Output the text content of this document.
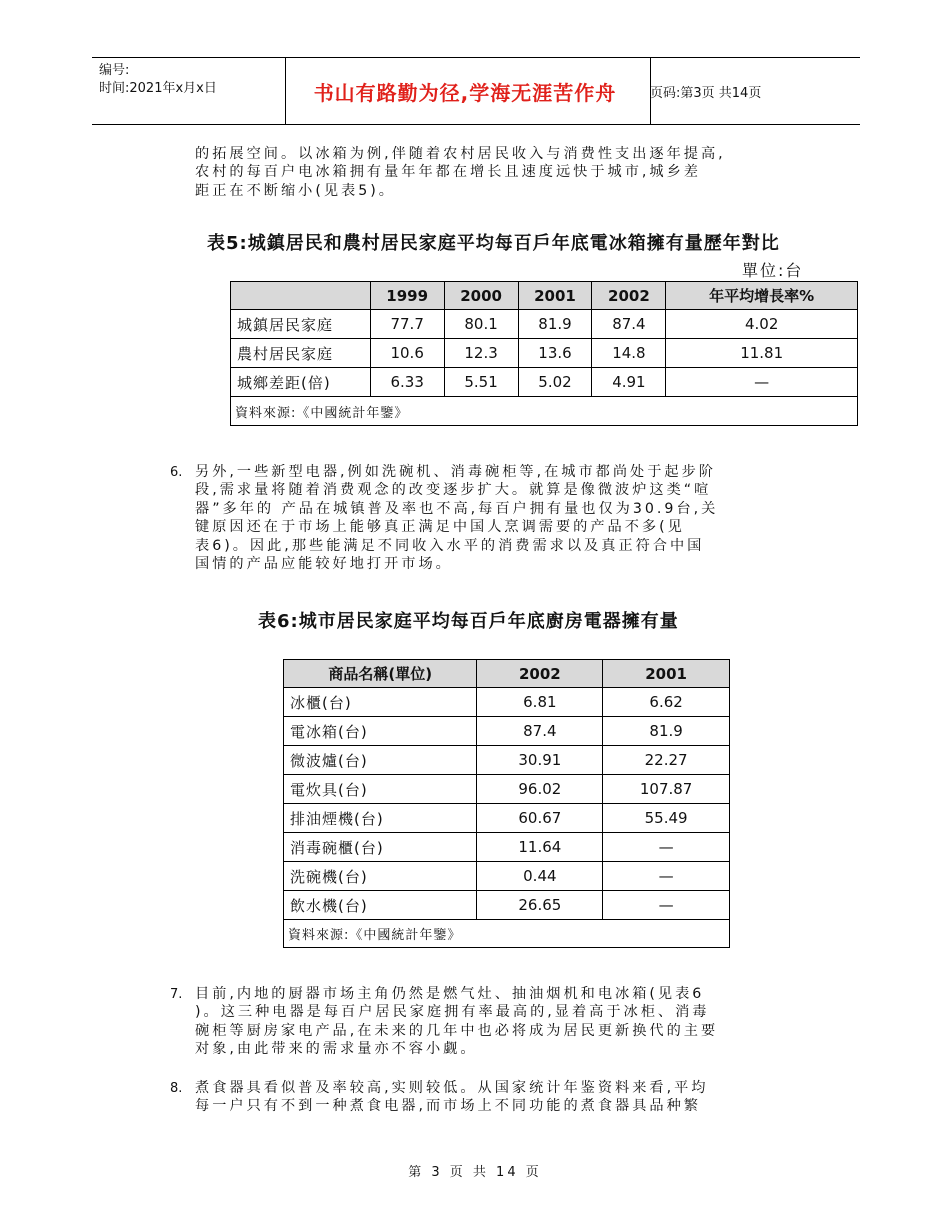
编号:
时间:2021年x月x日	书山有路勤为径,学海无涯苦作舟	页码:第3页 共14页
的拓展空间。以冰箱为例,伴随着农村居民收入与消费性支出逐年提高,
农村的每百户电冰箱拥有量年年都在增长且速度远快于城市,城乡差
距正在不断缩小(见表5)。
表5:城鎮居民和農村居民家庭平均每百戶年底電冰箱擁有量歷年對比
單位:台
	1999	2000	2001	2002	年平均增長率%
城鎮居民家庭	77.7	80.1	81.9	87.4	4.02
農村居民家庭	10.6	12.3	13.6	14.8	11.81
城鄉差距(倍)	6.33	5.51	5.02	4.91	—
資料來源:《中國統計年鑒》					
6. 另外,一些新型电器,例如洗碗机、消毒碗柜等,在城市都尚处于起步阶
段,需求量将随着消费观念的改变逐步扩大。就算是像微波炉这类“喧
器”多年的 产品在城镇普及率也不高,每百户拥有量也仅为30.9台,关
键原因还在于市场上能够真正满足中国人烹调需要的产品不多(见
表6)。因此,那些能满足不同收入水平的消费需求以及真正符合中国
国情的产品应能较好地打开市场。
表6:城市居民家庭平均每百戶年底廚房電器擁有量
商品名稱(單位)	2002	2001
冰櫃(台)	6.81	6.62
電冰箱(台)	87.4	81.9
微波爐(台)	30.91	22.27
電炊具(台)	96.02	107.87
排油煙機(台)	60.67	55.49
消毒碗櫃(台)	11.64	—
洗碗機(台)	0.44	—
飲水機(台)	26.65	—
資料來源:《中國統計年鑒》		
7. 目前,内地的厨器市场主角仍然是燃气灶、抽油烟机和电冰箱(见表6
)。这三种电器是每百户居民家庭拥有率最高的,显着高于冰柜、消毒
碗柜等厨房家电产品,在未来的几年中也必将成为居民更新换代的主要
对象,由此带来的需求量亦不容小觑。
8. 煮食器具看似普及率较高,实则较低。从国家统计年鉴资料来看,平均
每一户只有不到一种煮食电器,而市场上不同功能的煮食器具品种繁
第 3 页 共 14 页
